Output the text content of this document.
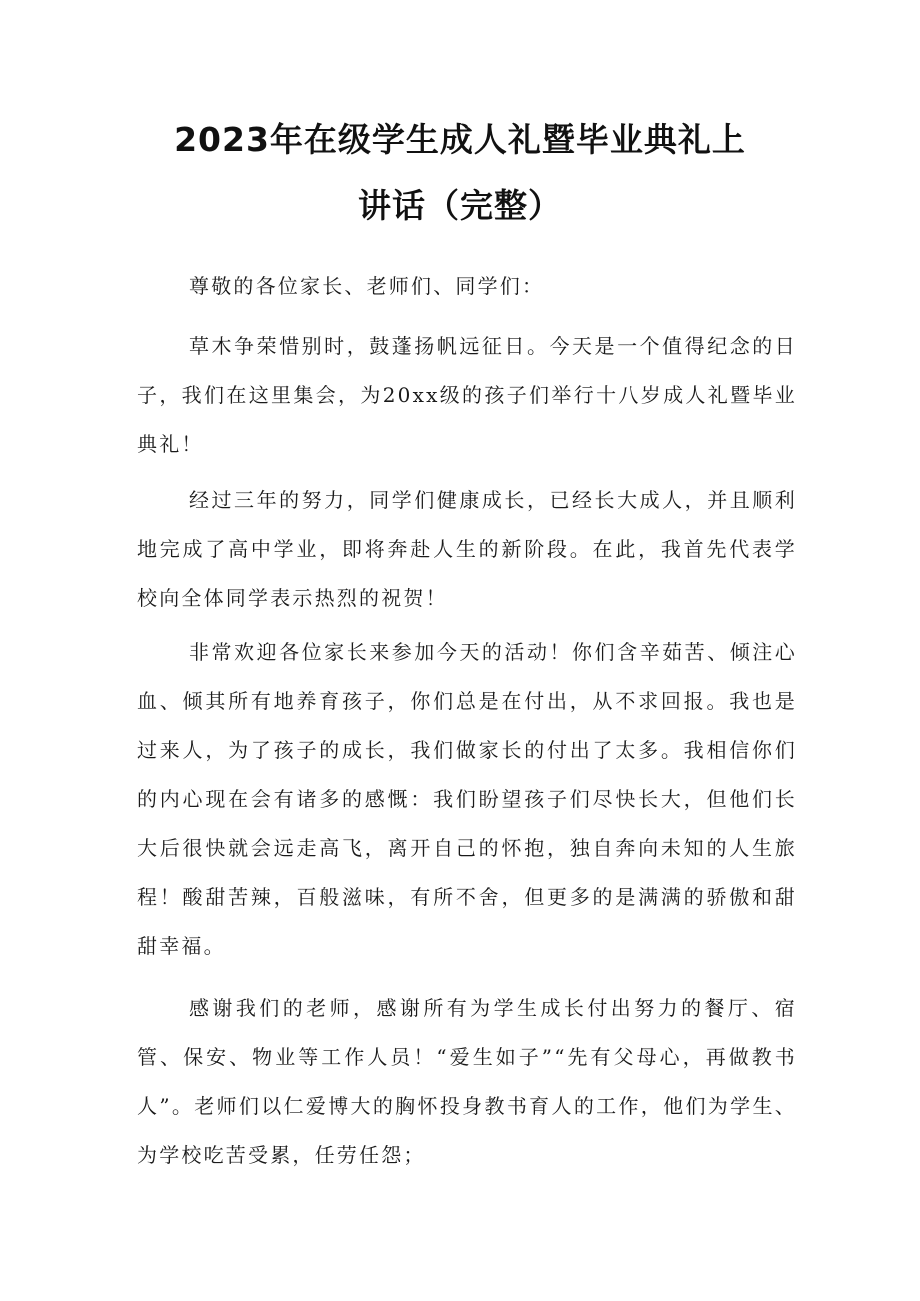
2023年在级学生成人礼暨毕业典礼上
讲话（完整）

尊敬的各位家长、老师们、同学们：

草木争荣惜别时，鼓蓬扬帆远征日。今天是一个值得纪念的日子，我们在这里集会，为20xx级的孩子们举行十八岁成人礼暨毕业典礼！

经过三年的努力，同学们健康成长，已经长大成人，并且顺利地完成了高中学业，即将奔赴人生的新阶段。在此，我首先代表学校向全体同学表示热烈的祝贺！

非常欢迎各位家长来参加今天的活动！你们含辛茹苦、倾注心血、倾其所有地养育孩子，你们总是在付出，从不求回报。我也是过来人，为了孩子的成长，我们做家长的付出了太多。我相信你们的内心现在会有诸多的感慨：我们盼望孩子们尽快长大，但他们长大后很快就会远走高飞，离开自己的怀抱，独自奔向未知的人生旅程！酸甜苦辣，百般滋味，有所不舍，但更多的是满满的骄傲和甜甜幸福。

感谢我们的老师，感谢所有为学生成长付出努力的餐厅、宿管、保安、物业等工作人员！“爱生如子”“先有父母心，再做教书人”。老师们以仁爱博大的胸怀投身教书育人的工作，他们为学生、为学校吃苦受累，任劳任怨；
